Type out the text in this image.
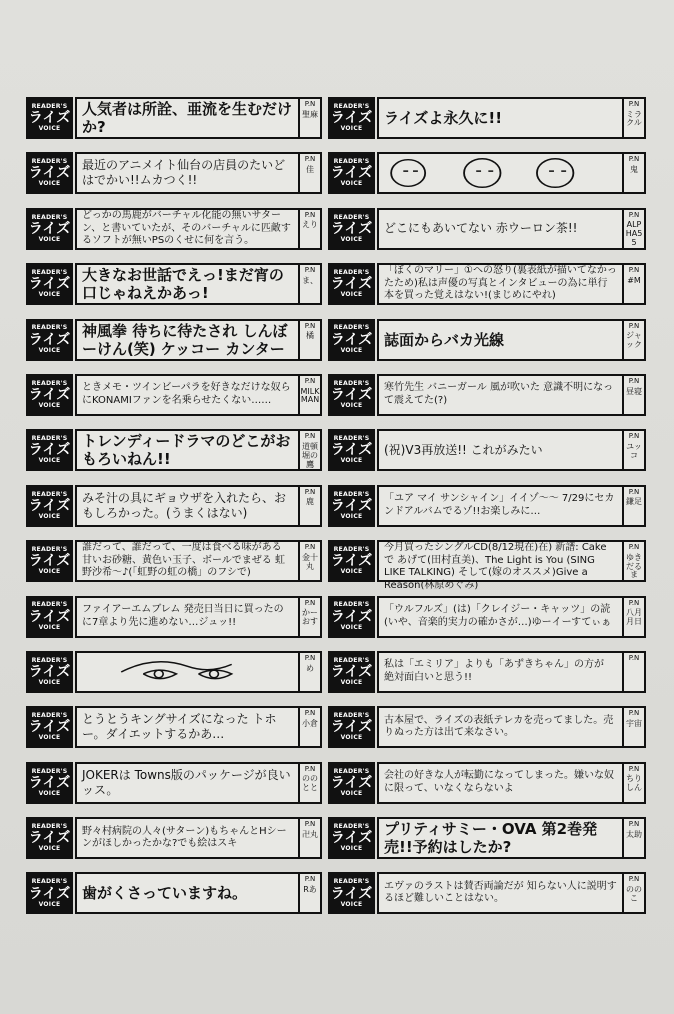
READER'S
ライズ
VOICE
人気者は所詮、亜流を生むだけか?
P.N
聖麻
READER'S
ライズ
VOICE
最近のアニメイト仙台の店員のたいどはでかい!!ムカつく!!
P.N
佳
READER'S
ライズ
VOICE
どっかの馬鹿がバーチャル化能の無いサターン、と書いていたが、そのバーチャルに匹敵するソフトが無いPSのくせに何を言う。
P.N
えり
READER'S
ライズ
VOICE
大きなお世話でえっ!まだ宵の口じゃねえかあっ!
P.N
ま、
READER'S
ライズ
VOICE
神風拳 待ちに待たされ しんぼーけん(笑) ケッコー カンター
P.N
橘
READER'S
ライズ
VOICE
ときメモ・ツインビーパラを好きなだけな奴らにKONAMIファンを名乗らせたくない……
P.N
MILK MAN
READER'S
ライズ
VOICE
トレンディードラマのどこがおもろいねん!!
P.N
道頓堀の鷹
READER'S
ライズ
VOICE
みそ汁の具にギョウザを入れたら、おもしろかった。(うまくはない)
P.N
鹿
READER'S
ライズ
VOICE
誰だって、誰だって、一度は食べる味がある 甘いお砂糖、黄色い玉子、ボールでまぜる 虹野沙希〜♪(「虹野の虹の橋」のフシで)
P.N
金十丸
READER'S
ライズ
VOICE
ファイアーエムブレム 発売日当日に買ったのに7章より先に進めない…ジュッ!!
P.N
かーおす
READER'S
ライズ
VOICE
P.N
め
READER'S
ライズ
VOICE
とうとうキングサイズになった トホー。ダイエットするかあ…
P.N
小倉
READER'S
ライズ
VOICE
JOKERは Towns版のパッケージが良いッス。
P.N
ののとと
READER'S
ライズ
VOICE
野々村病院の人々(サターン)もちゃんとHシーンがほしかったかな?でも絵はスキ
P.N
卍丸
READER'S
ライズ
VOICE
歯がくさっていますね。
P.N
Rあ
READER'S
ライズ
VOICE
ライズよ永久に!!
P.N
ミラクル
READER'S
ライズ
VOICE
P.N
鬼
READER'S
ライズ
VOICE
どこにもあいてない 赤ウーロン茶!!
P.N
ALPHA55
READER'S
ライズ
VOICE
「ぼくのマリー」①への怒り(裏表紙が描いてなかったため)私は声優の写真とインタビューの為に単行本を買った覚えはない!(まじめにやれ)
P.N
#M
READER'S
ライズ
VOICE
誌面からバカ光線
P.N
ジャック
READER'S
ライズ
VOICE
寒竹先生 バニーガール 風が吹いた 意識不明になって震えてた(?)
P.N
昼寝
READER'S
ライズ
VOICE
(祝)V3再放送!! これがみたい
P.N
ユッコ
READER'S
ライズ
VOICE
「ユア マイ サンシャイン」イイゾ〜〜 7/29にセカンドアルバムでるゾ!!お楽しみに…
P.N
鎌足
READER'S
ライズ
VOICE
今月買ったシングルCD(8/12現在)在) 新譜: Cake で あげて(田村直美)、The Light is You (SING LIKE TALKING) そして(嫁のオススメ)Give a Reason(林原めぐみ)
P.N
ゆきだるま
READER'S
ライズ
VOICE
「ウルフルズ」(は)「クレイジー・キャッツ」の読(いや、音楽的実力の確かさが…)ゆーイーすてぃぁ
P.N
八月月日
READER'S
ライズ
VOICE
私は「エミリア」よりも「あずきちゃん」の方が 絶対面白いと思う!!
P.N
READER'S
ライズ
VOICE
古本屋で、ライズの表紙テレカを売ってました。売りぬった方は出て来なさい。
P.N
宇宙
READER'S
ライズ
VOICE
会社の好きな人が転勤になってしまった。嫌いな奴に限って、いなくならないよ
P.N
ちりしん
READER'S
ライズ
VOICE
プリティサミー・OVA 第2巻発売!!予約はしたか?
P.N
太助
READER'S
ライズ
VOICE
エヴァのラストは賛否両論だが 知らない人に説明するほど難しいことはない。
P.N
ののこ
